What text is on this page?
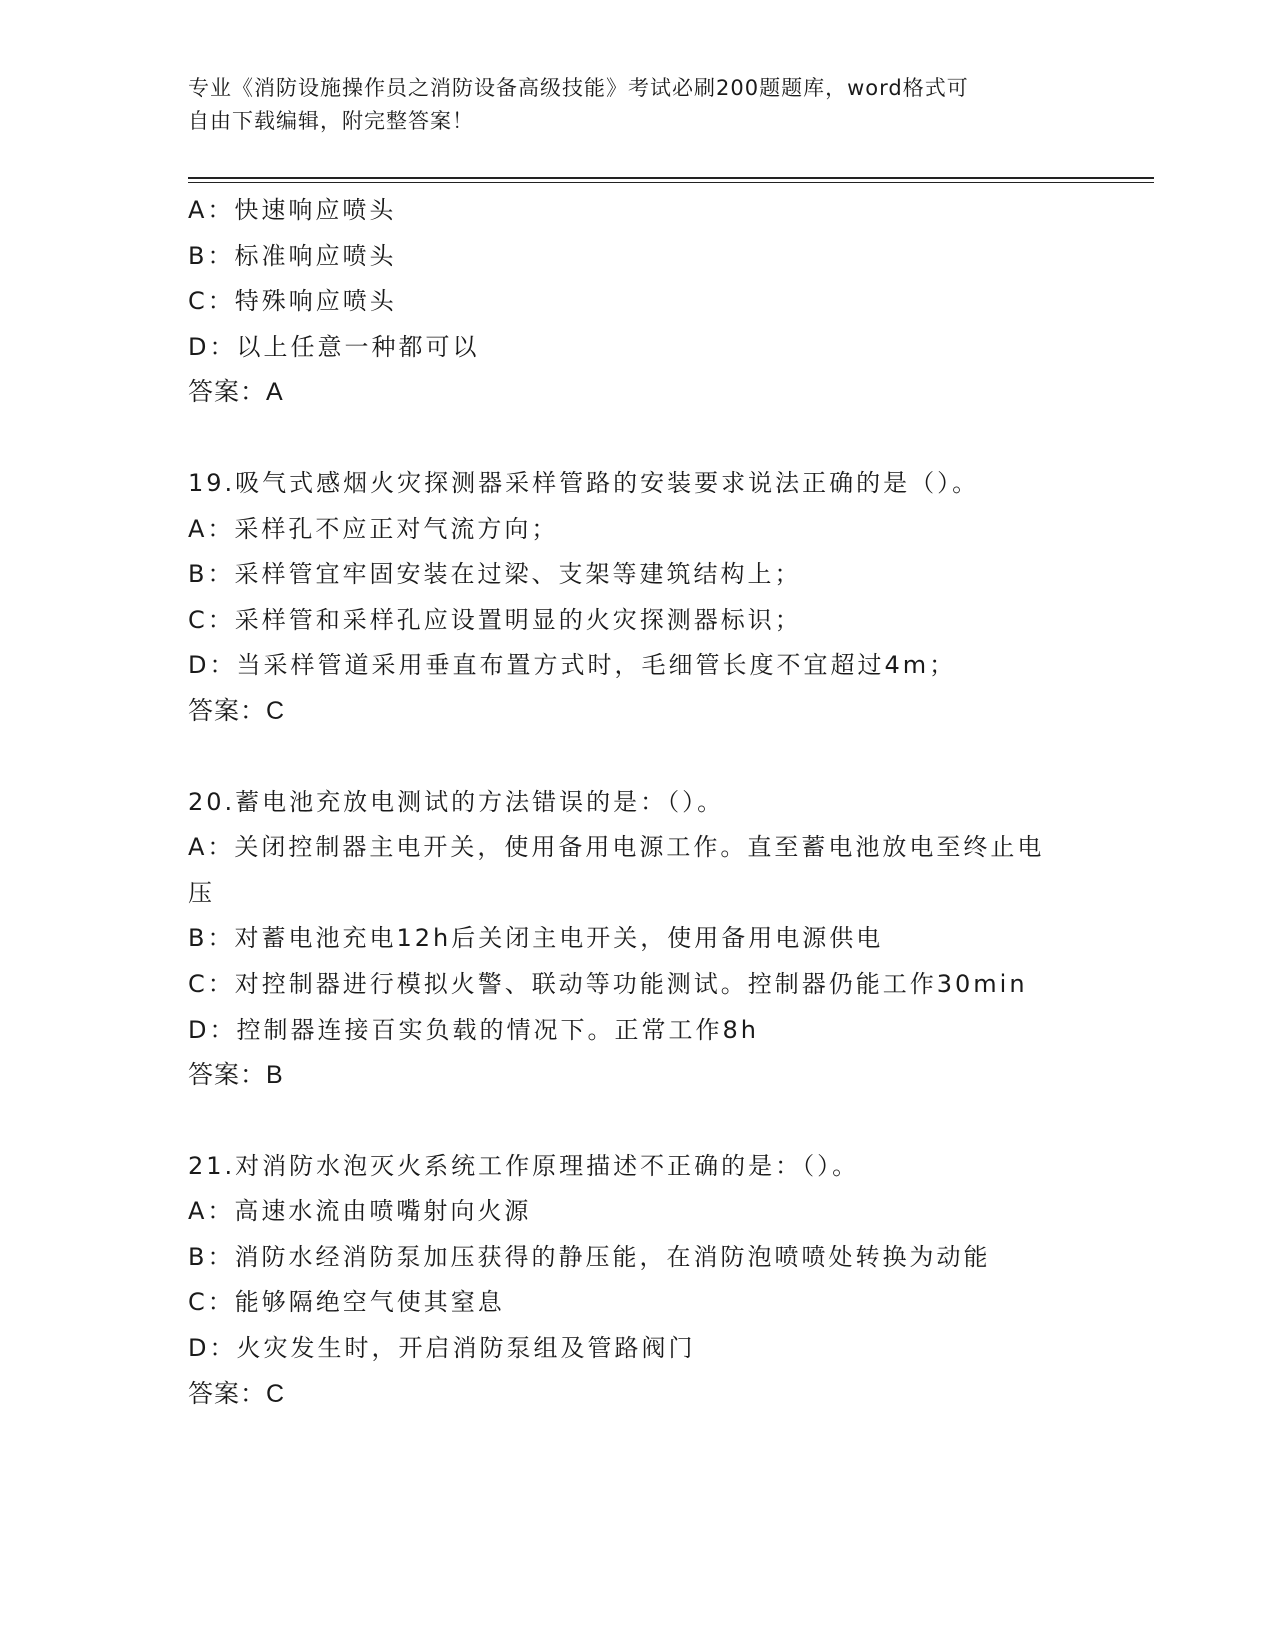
专业《消防设施操作员之消防设备高级技能》考试必刷200题题库，word格式可
自由下载编辑，附完整答案！
A：快速响应喷头
B：标准响应喷头
C：特殊响应喷头
D：以上任意一种都可以
答案：A
19.吸气式感烟火灾探测器采样管路的安装要求说法正确的是（）。
A：采样孔不应正对气流方向；
B：采样管宜牢固安装在过梁、支架等建筑结构上；
C：采样管和采样孔应设置明显的火灾探测器标识；
D：当采样管道采用垂直布置方式时，毛细管长度不宜超过4m；
答案：C
20.蓄电池充放电测试的方法错误的是：（）。
A：关闭控制器主电开关，使用备用电源工作。直至蓄电池放电至终止电压
B：对蓄电池充电12h后关闭主电开关，使用备用电源供电
C：对控制器进行模拟火警、联动等功能测试。控制器仍能工作30min
D：控制器连接百实负载的情况下。正常工作8h
答案：B
21.对消防水泡灭火系统工作原理描述不正确的是：（）。
A：高速水流由喷嘴射向火源
B：消防水经消防泵加压获得的静压能，在消防泡喷喷处转换为动能
C：能够隔绝空气使其窒息
D：火灾发生时，开启消防泵组及管路阀门
答案：C
